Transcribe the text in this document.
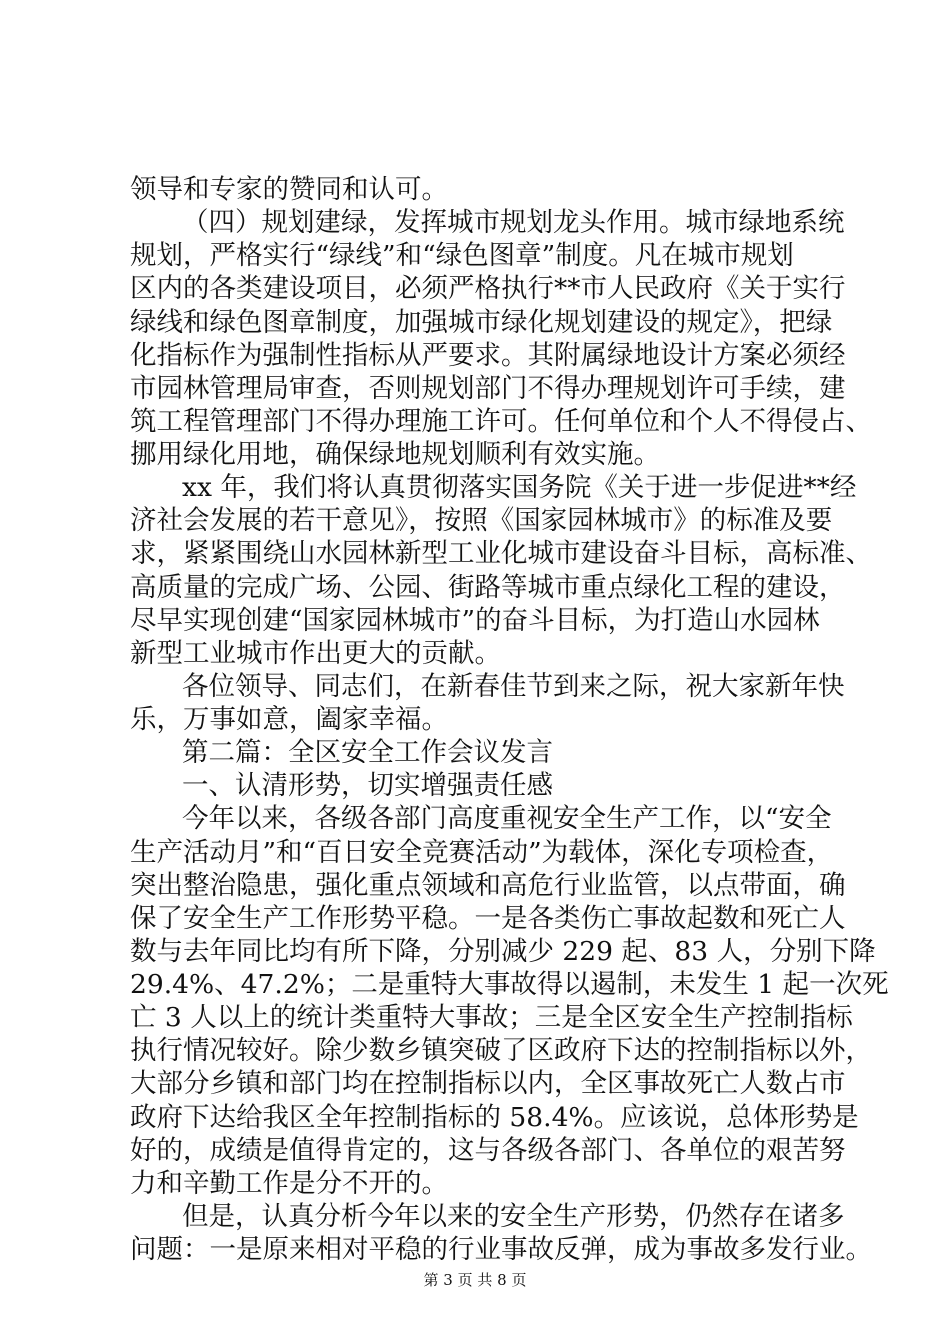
领导和专家的赞同和认可。
（四）规划建绿，发挥城市规划龙头作用。城市绿地系统
规划，严格实行“绿线”和“绿色图章”制度。凡在城市规划
区内的各类建设项目，必须严格执行**市人民政府《关于实行
绿线和绿色图章制度，加强城市绿化规划建设的规定》，把绿
化指标作为强制性指标从严要求。其附属绿地设计方案必须经
市园林管理局审查，否则规划部门不得办理规划许可手续，建
筑工程管理部门不得办理施工许可。任何单位和个人不得侵占、
挪用绿化用地，确保绿地规划顺利有效实施。
xx 年，我们将认真贯彻落实国务院《关于进一步促进**经
济社会发展的若干意见》，按照《国家园林城市》的标准及要
求，紧紧围绕山水园林新型工业化城市建设奋斗目标，高标准、
高质量的完成广场、公园、街路等城市重点绿化工程的建设，
尽早实现创建“国家园林城市”的奋斗目标，为打造山水园林
新型工业城市作出更大的贡献。
各位领导、同志们，在新春佳节到来之际，祝大家新年快
乐，万事如意，阖家幸福。
第二篇：全区安全工作会议发言
一、认清形势，切实增强责任感
今年以来，各级各部门高度重视安全生产工作，以“安全
生产活动月”和“百日安全竞赛活动”为载体，深化专项检查，
突出整治隐患，强化重点领域和高危行业监管，以点带面，确
保了安全生产工作形势平稳。一是各类伤亡事故起数和死亡人
数与去年同比均有所下降，分别减少 229 起、83 人，分别下降
29.4%、47.2%；二是重特大事故得以遏制，未发生 1 起一次死
亡 3 人以上的统计类重特大事故；三是全区安全生产控制指标
执行情况较好。除少数乡镇突破了区政府下达的控制指标以外，
大部分乡镇和部门均在控制指标以内，全区事故死亡人数占市
政府下达给我区全年控制指标的 58.4%。应该说，总体形势是
好的，成绩是值得肯定的，这与各级各部门、各单位的艰苦努
力和辛勤工作是分不开的。
但是，认真分析今年以来的安全生产形势，仍然存在诸多
问题：一是原来相对平稳的行业事故反弹，成为事故多发行业。
第 3 页 共 8 页
